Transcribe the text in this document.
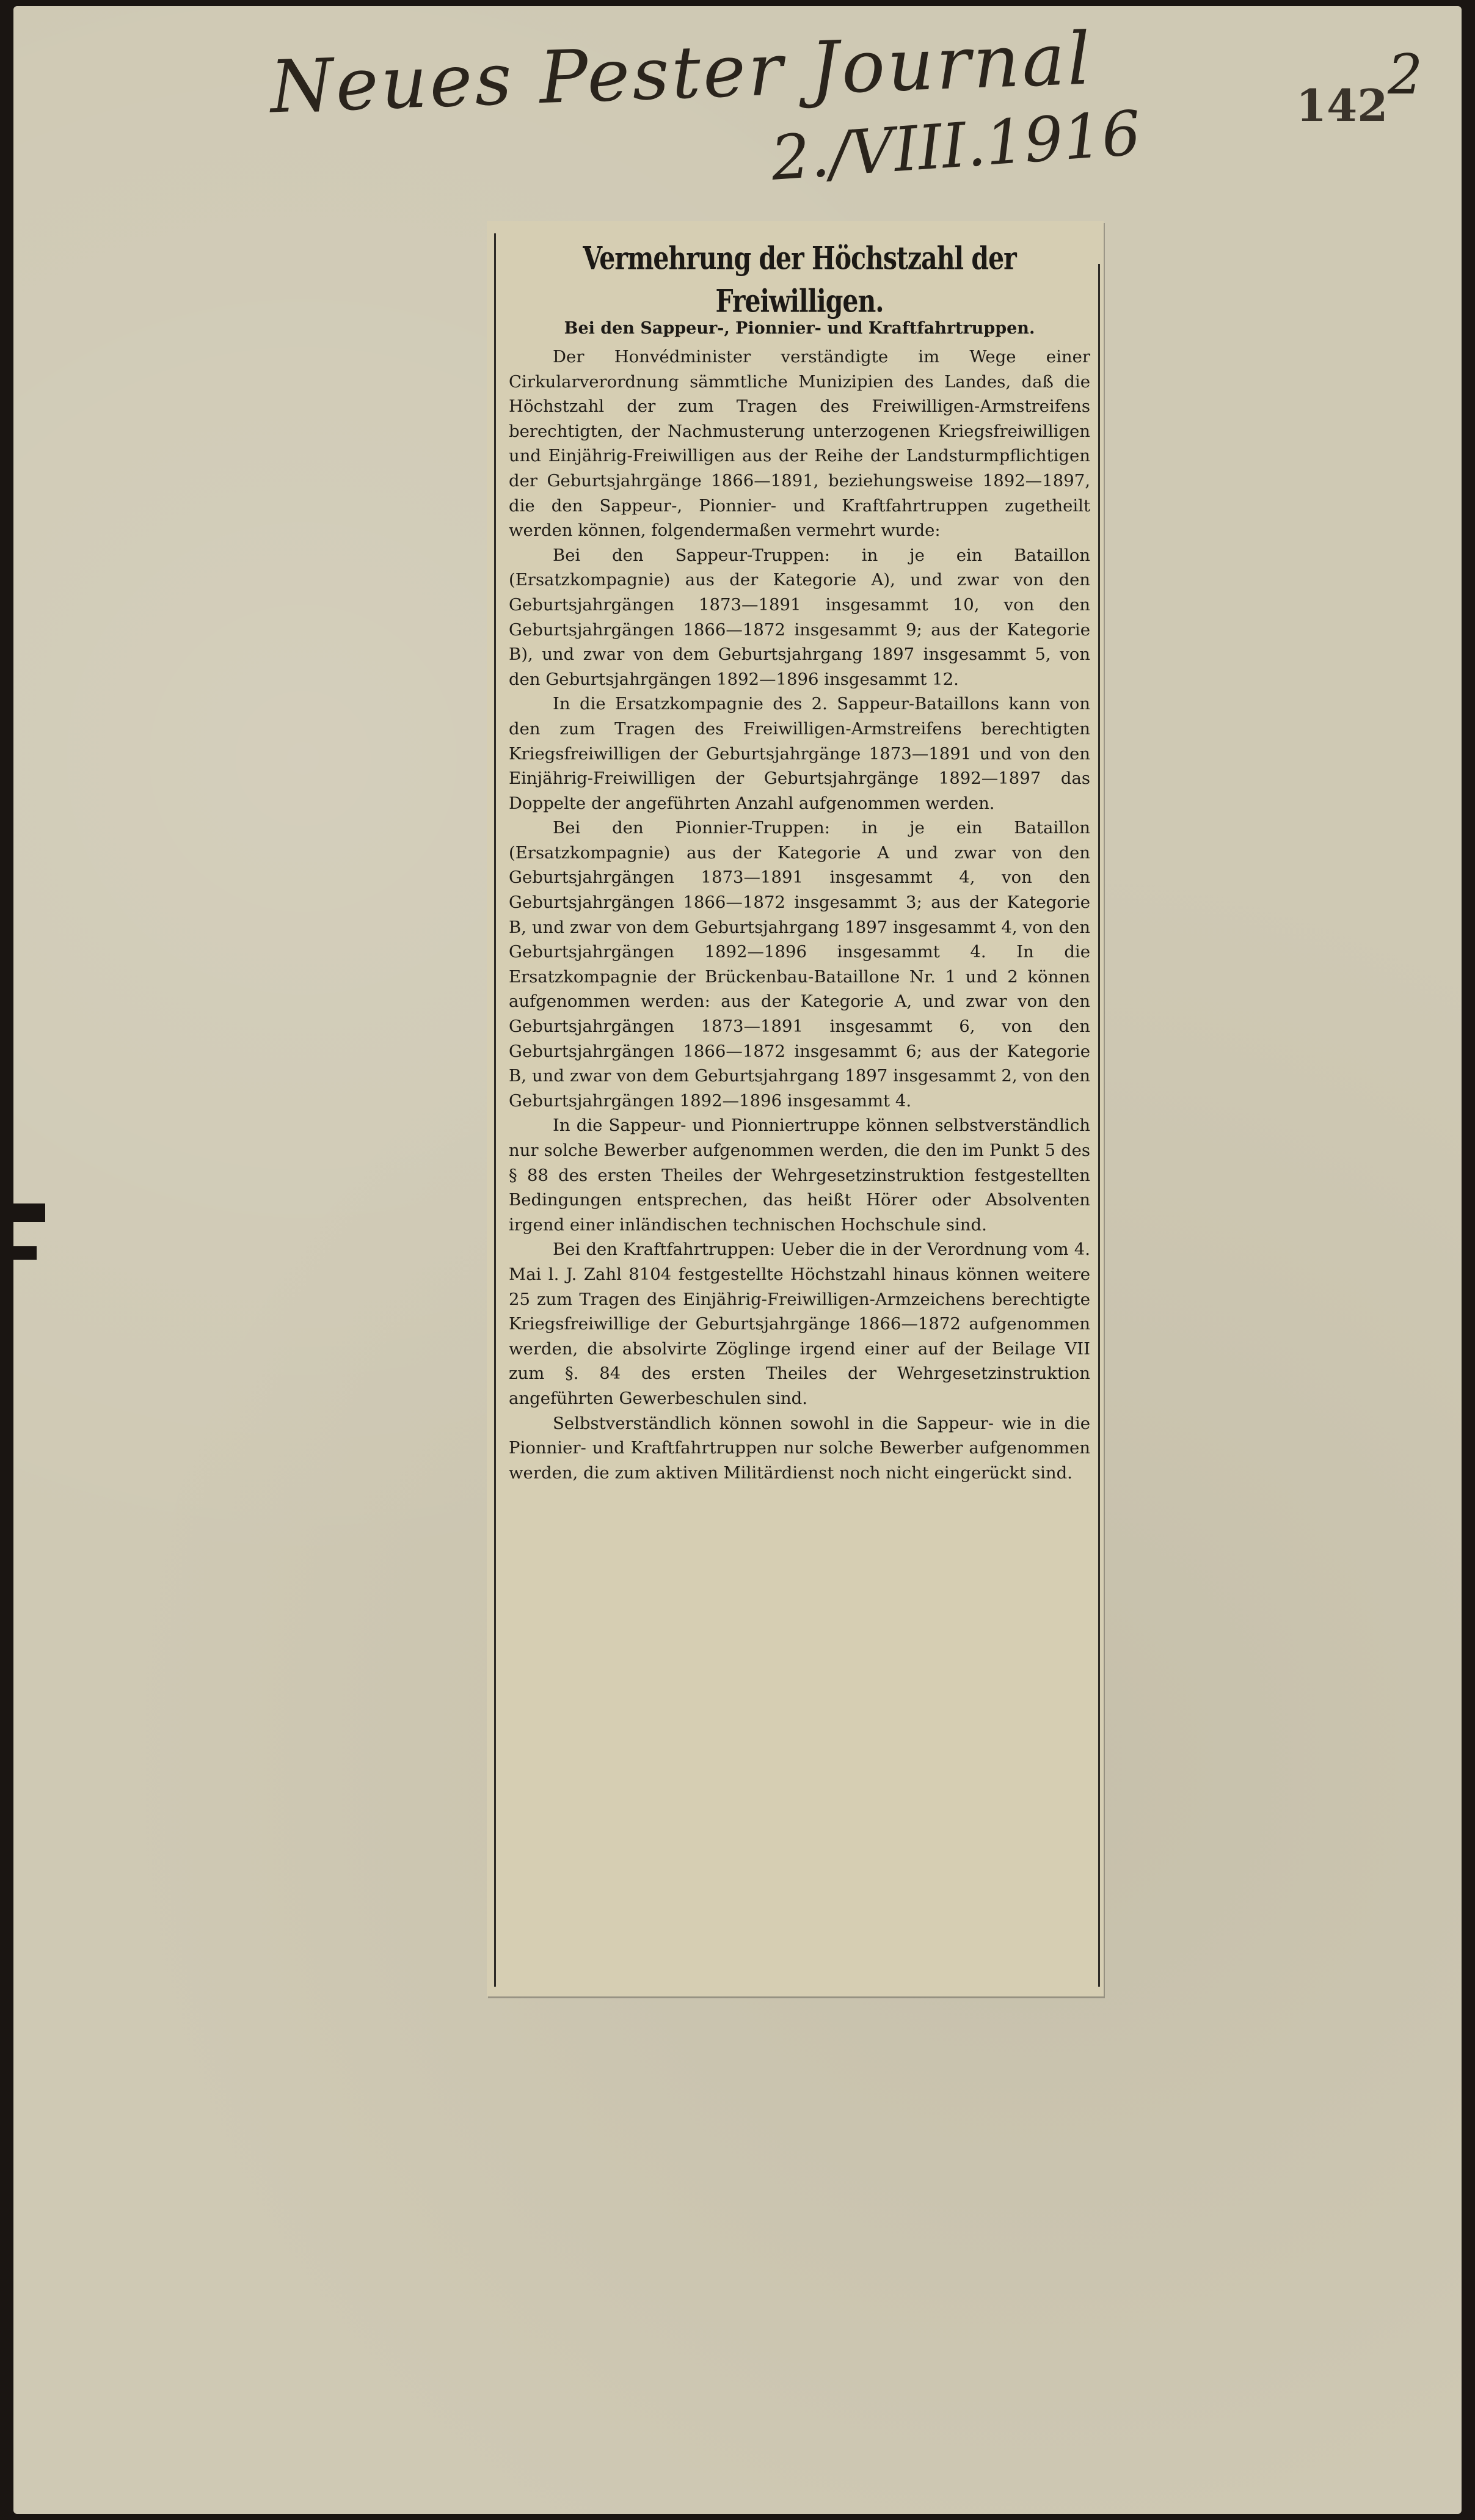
Neues Pester Journal
2./VIII.1916	142 2
Vermehrung der Höchstzahl der Freiwilligen.
Bei den Sappeur-, Pionnier- und Kraftfahrtruppen.

Der Honvédminister verständigte im Wege einer Cirkularverordnung sämmtliche Munizipien des Landes, daß die Höchstzahl der zum Tragen des Freiwilligen-Armstreifens berechtigten, der Nachmusterung unterzogenen Kriegsfreiwilligen und Einjährig-Freiwilligen aus der Reihe der Landsturmpflichtigen der Geburtsjahrgänge 1866—1891, beziehungsweise 1892—1897, die den Sappeur-, Pionnier- und Kraftfahrtruppen zugetheilt werden können, folgendermaßen vermehrt wurde:

Bei den Sappeur-Truppen: in je ein Bataillon (Ersatzkompagnie) aus der Kategorie A), und zwar von den Geburtsjahrgängen 1873—1891 insgesammt 10, von den Geburtsjahrgängen 1866—1872 insgesammt 9; aus der Kategorie B), und zwar von dem Geburtsjahrgang 1897 insgesammt 5, von den Geburtsjahrgängen 1892—1896 insgesammt 12.

In die Ersatzkompagnie des 2. Sappeur-Bataillons kann von den zum Tragen des Freiwilligen-Armstreifens berechtigten Kriegsfreiwilligen der Geburtsjahrgänge 1873—1891 und von den Einjährig-Freiwilligen der Geburtsjahrgänge 1892—1897 das Doppelte der angeführten Anzahl aufgenommen werden.

Bei den Pionnier-Truppen: in je ein Bataillon (Ersatzkompagnie) aus der Kategorie A und zwar von den Geburtsjahrgängen 1873—1891 insgesammt 4, von den Geburtsjahrgängen 1866—1872 insgesammt 3; aus der Kategorie B, und zwar von dem Geburtsjahrgang 1897 insgesammt 4, von den Geburtsjahrgängen 1892—1896 insgesammt 4. In die Ersatzkompagnie der Brückenbau-Bataillone Nr. 1 und 2 können aufgenommen werden: aus der Kategorie A, und zwar von den Geburtsjahrgängen 1873—1891 insgesammt 6, von den Geburtsjahrgängen 1866—1872 insgesammt 6; aus der Kategorie B, und zwar von dem Geburtsjahrgang 1897 insgesammt 2, von den Geburtsjahrgängen 1892—1896 insgesammt 4.

In die Sappeur- und Pionniertruppe können selbstverständlich nur solche Bewerber aufgenommen werden, die den im Punkt 5 des § 88 des ersten Theiles der Wehrgesetzinstruktion festgestellten Bedingungen entsprechen, das heißt Hörer oder Absolventen irgend einer inländischen technischen Hochschule sind.

Bei den Kraftfahrtruppen: Ueber die in der Verordnung vom 4. Mai l. J. Zahl 8104 festgestellte Höchstzahl hinaus können weitere 25 zum Tragen des Einjährig-Freiwilligen-Armzeichens berechtigte Kriegsfreiwillige der Geburtsjahrgänge 1866—1872 aufgenommen werden, die absolvirte Zöglinge irgend einer auf der Beilage VII zum §. 84 des ersten Theiles der Wehrgesetzinstruktion angeführten Gewerbeschulen sind.

Selbstverständlich können sowohl in die Sappeur- wie in die Pionnier- und Kraftfahrtruppen nur solche Bewerber aufgenommen werden, die zum aktiven Militärdienst noch nicht eingerückt sind.
